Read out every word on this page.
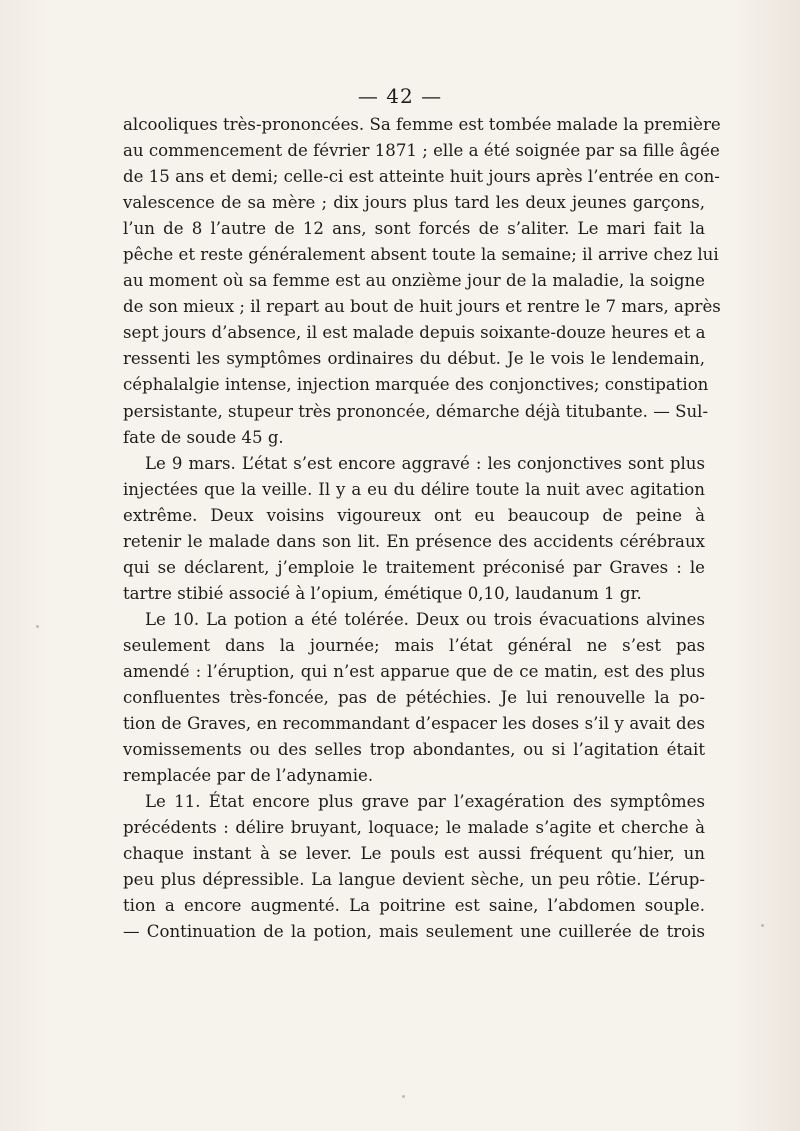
— 42 —
alcooliques très-prononcées. Sa femme est tombée malade la première
au commencement de février 1871 ; elle a été soignée par sa fille âgée
de 15 ans et demi; celle-ci est atteinte huit jours après l’entrée en con-
valescence de sa mère ; dix jours plus tard les deux jeunes garçons,
l’un de 8 l’autre de 12 ans, sont forcés de s’aliter. Le mari fait la
pêche et reste généralement absent toute la semaine; il arrive chez lui
au moment où sa femme est au onzième jour de la maladie, la soigne
de son mieux ; il repart au bout de huit jours et rentre le 7 mars, après
sept jours d’absence, il est malade depuis soixante-douze heures et a
ressenti les symptômes ordinaires du début. Je le vois le lendemain,
céphalalgie intense, injection marquée des conjonctives; constipation
persistante, stupeur très prononcée, démarche déjà titubante. — Sul-
fate de soude 45 g.
Le 9 mars. L’état s’est encore aggravé : les conjonctives sont plus
injectées que la veille. Il y a eu du délire toute la nuit avec agitation
extrême. Deux voisins vigoureux ont eu beaucoup de peine à
retenir le malade dans son lit. En présence des accidents cérébraux
qui se déclarent, j’emploie le traitement préconisé par Graves : le
tartre stibié associé à l’opium, émétique 0,10, laudanum 1 gr.
Le 10. La potion a été tolérée. Deux ou trois évacuations alvines
seulement dans la journée; mais l’état général ne s’est pas
amendé : l’éruption, qui n’est apparue que de ce matin, est des plus
confluentes très-foncée, pas de pétéchies. Je lui renouvelle la po-
tion de Graves, en recommandant d’espacer les doses s’il y avait des
vomissements ou des selles trop abondantes, ou si l’agitation était
remplacée par de l’adynamie.
Le 11. État encore plus grave par l’exagération des symptômes
précédents : délire bruyant, loquace; le malade s’agite et cherche à
chaque instant à se lever. Le pouls est aussi fréquent qu’hier, un
peu plus dépressible. La langue devient sèche, un peu rôtie. L’érup-
tion a encore augmenté. La poitrine est saine, l’abdomen souple.
— Continuation de la potion, mais seulement une cuillerée de trois
